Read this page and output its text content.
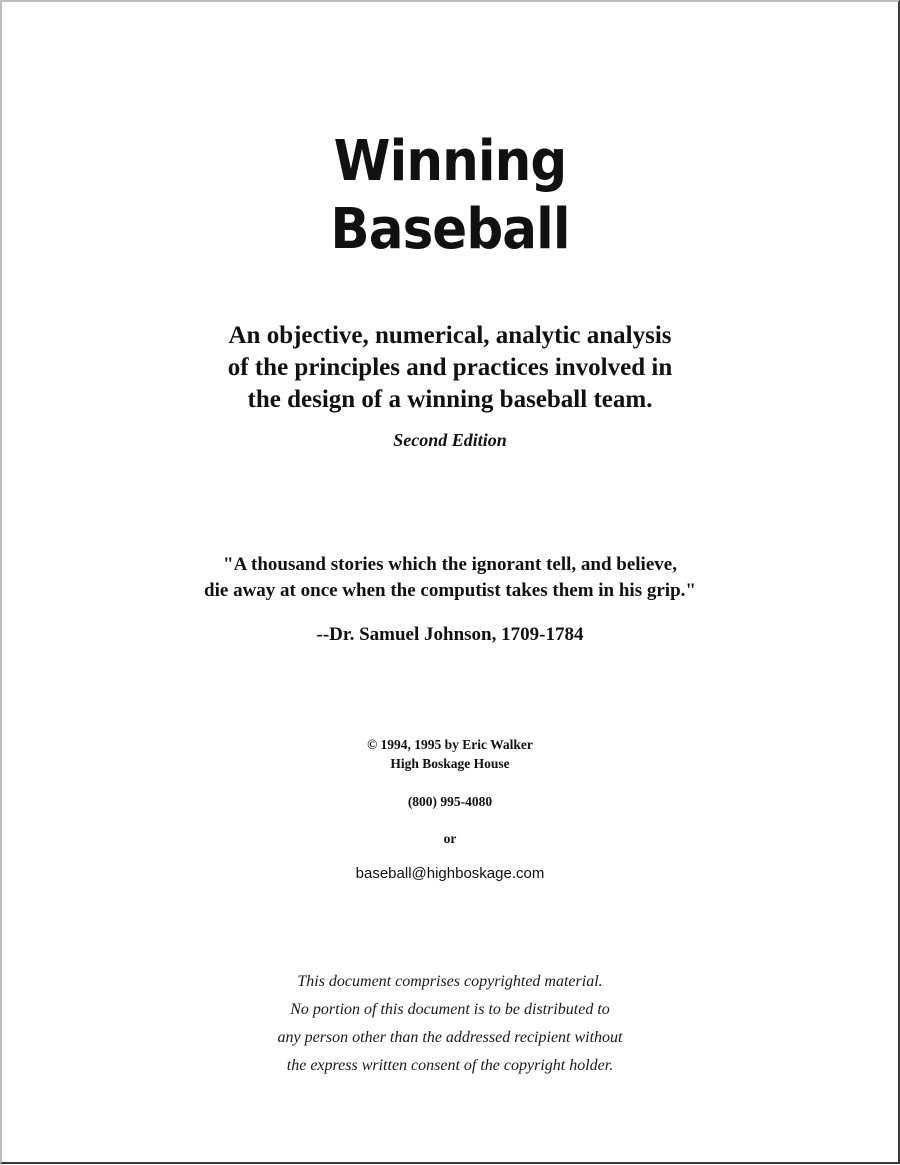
Winning
Baseball
An objective, numerical, analytic analysis
of the principles and practices involved in
the design of a winning baseball team.
Second Edition
"A thousand stories which the ignorant tell, and believe,
die away at once when the computist takes them in his grip."
--Dr. Samuel Johnson, 1709-1784
© 1994, 1995 by Eric Walker
High Boskage House
(800) 995-4080
or
baseball@highboskage.com
This document comprises copyrighted material.
No portion of this document is to be distributed to
any person other than the addressed recipient without
the express written consent of the copyright holder.
